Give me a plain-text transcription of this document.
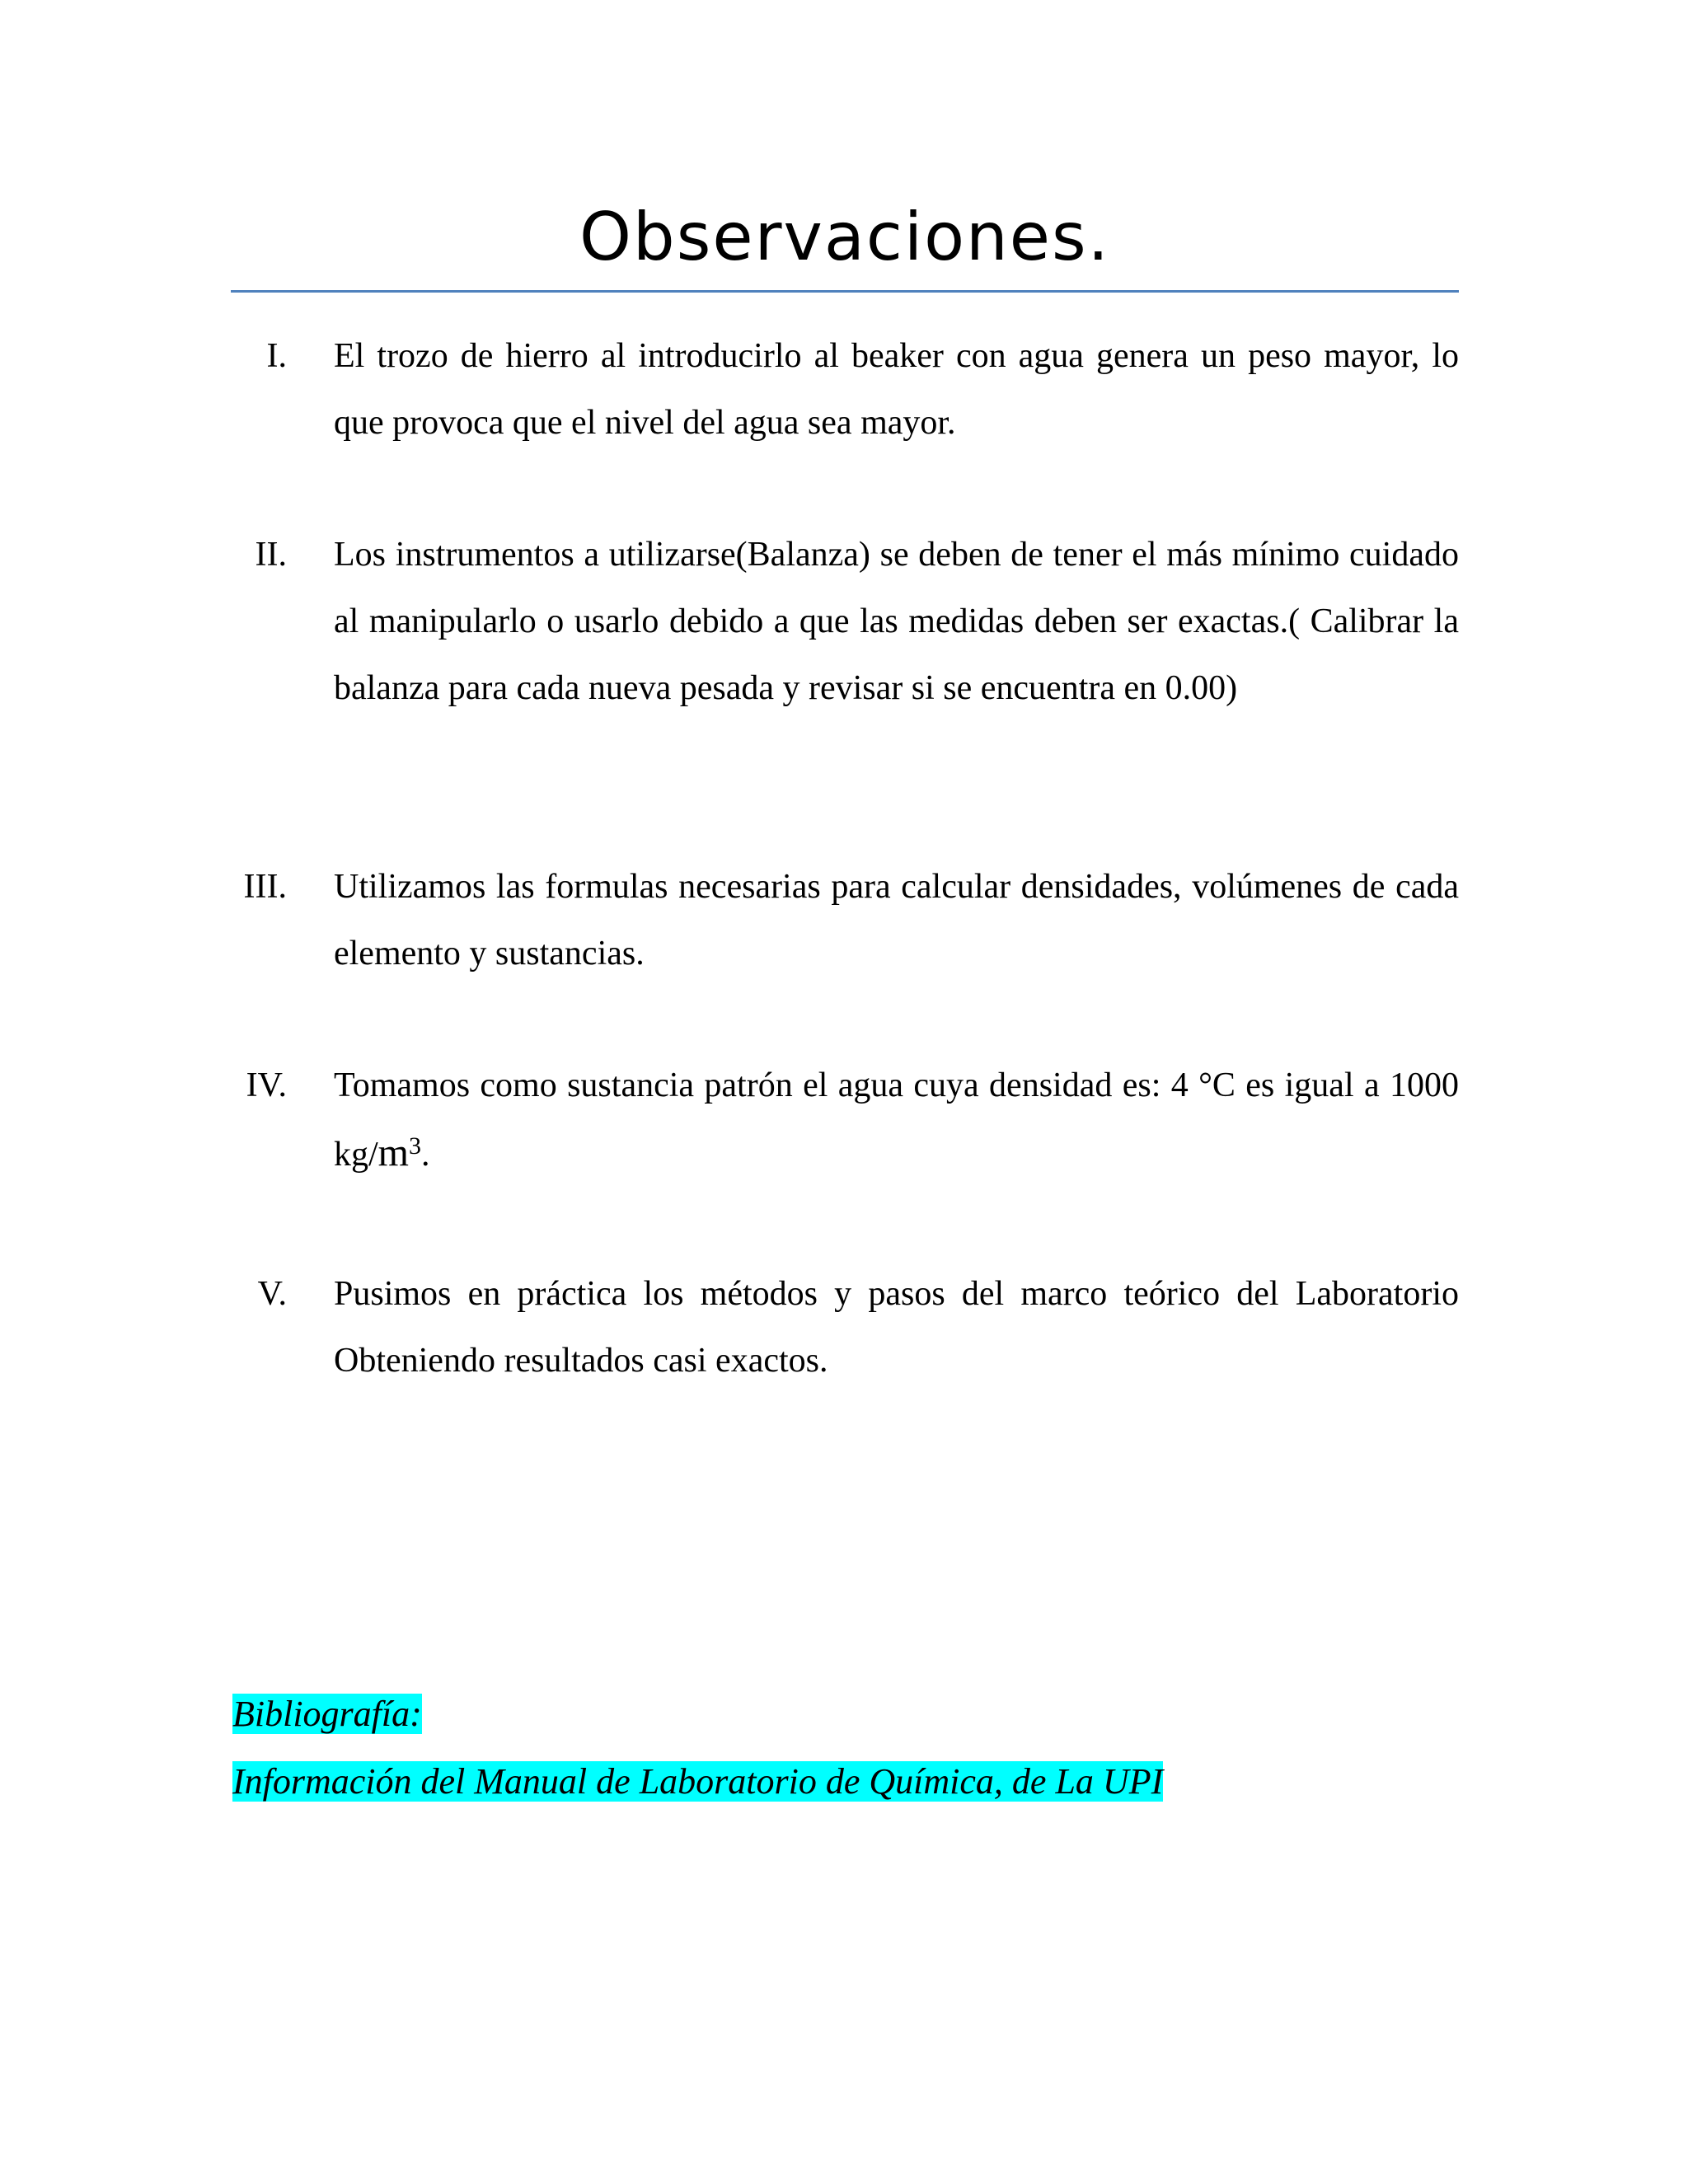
Observaciones.
I. El trozo de hierro al introducirlo al beaker con agua genera un peso mayor, lo que provoca que el nivel del agua sea mayor.

II. Los instrumentos a utilizarse(Balanza) se deben de tener el más mínimo cuidado al manipularlo o usarlo debido a que las medidas deben ser exactas.( Calibrar la balanza para cada nueva pesada y revisar si se encuentra en 0.00)

III. Utilizamos las formulas necesarias para calcular densidades, volúmenes de cada elemento y sustancias.

IV. Tomamos como sustancia patrón el agua cuya densidad es: 4 °C es igual a 1000 $kg/m^3$.

V. Pusimos en práctica los métodos y pasos del marco teórico del Laboratorio Obteniendo resultados casi exactos.

Bibliografía:
Información del Manual de Laboratorio de Química, de La UPI
